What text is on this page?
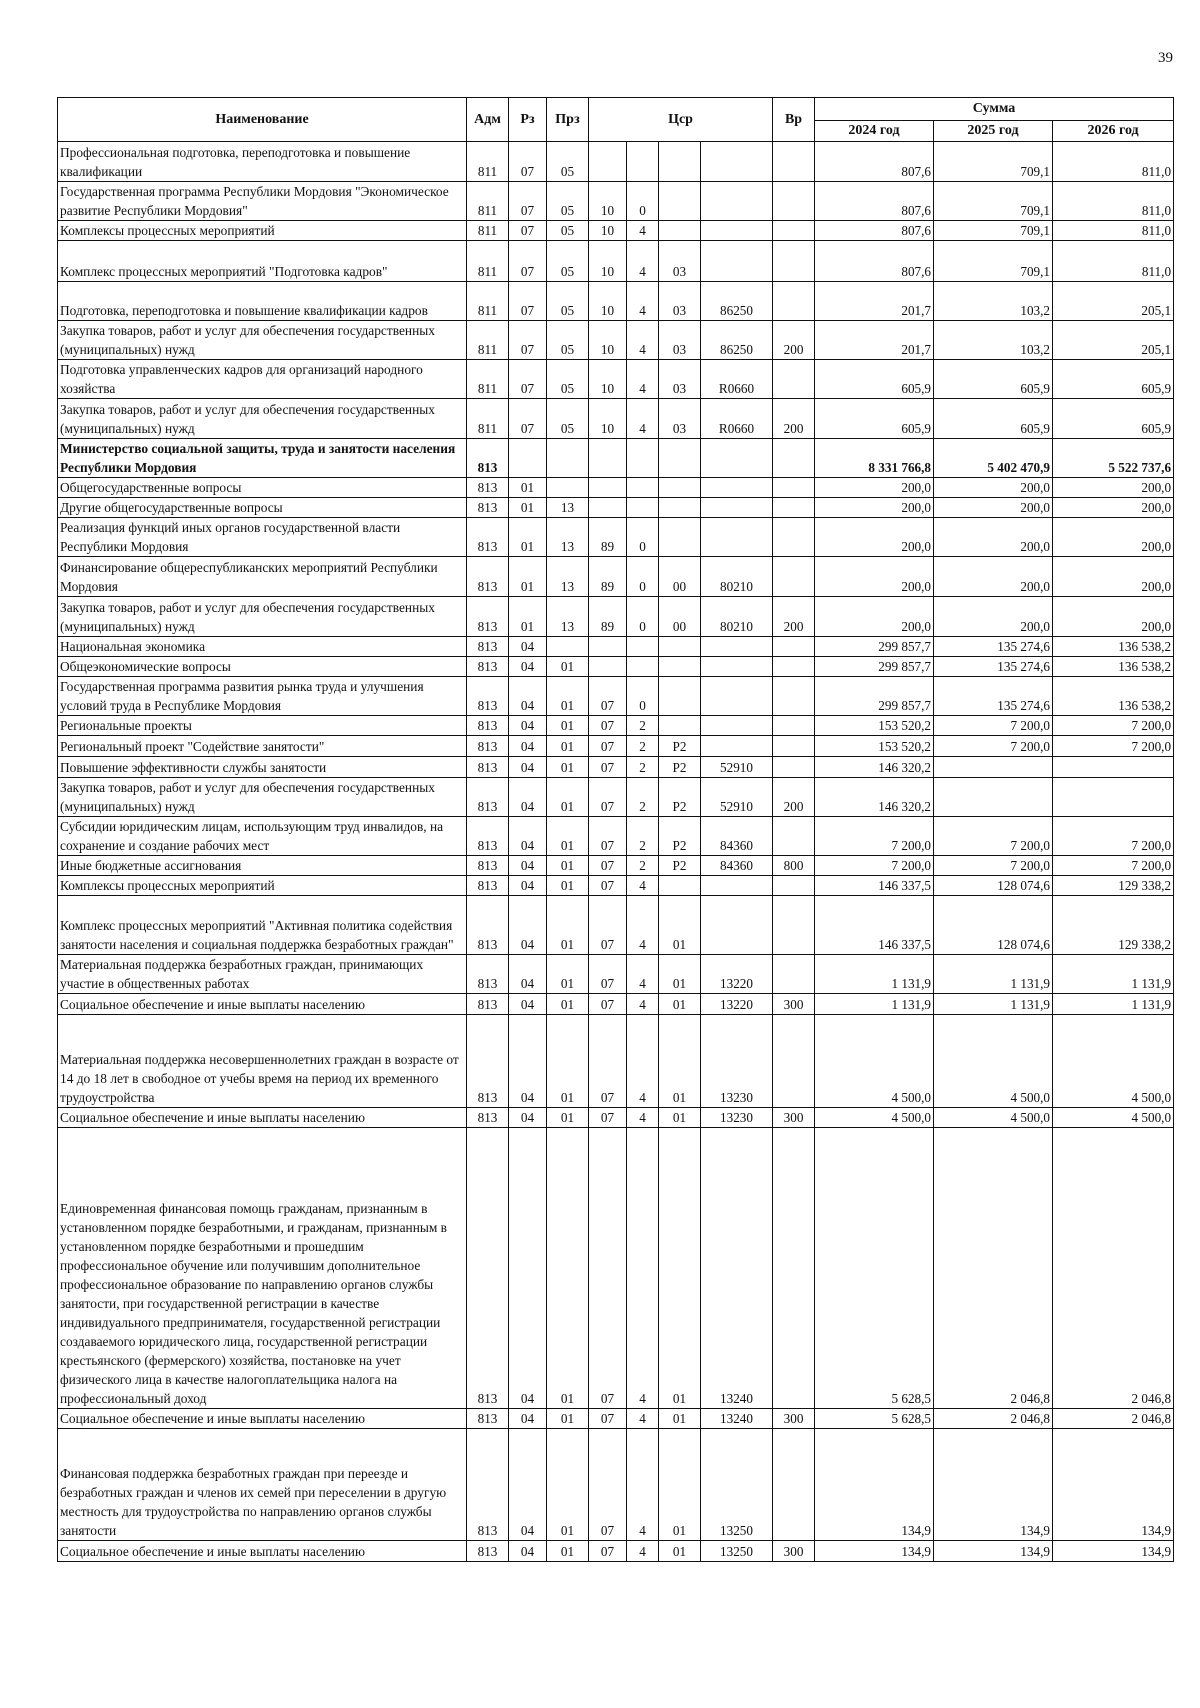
39
Наименование	Адм	Рз	Прз	Цср				Вр	Сумма		
									2024 год	2025 год	2026 год
Профессиональная подготовка, переподготовка и повышение квалификации	811	07	05						807,6	709,1	811,0
Государственная программа Республики Мордовия "Экономическое развитие Республики Мордовия"	811	07	05	10	0				807,6	709,1	811,0
Комплексы процессных мероприятий	811	07	05	10	4				807,6	709,1	811,0
Комплекс процессных мероприятий "Подготовка кадров"	811	07	05	10	4	03			807,6	709,1	811,0
Подготовка, переподготовка и повышение квалификации кадров	811	07	05	10	4	03	86250		201,7	103,2	205,1
Закупка товаров, работ и услуг для обеспечения государственных (муниципальных) нужд	811	07	05	10	4	03	86250	200	201,7	103,2	205,1
Подготовка управленческих кадров для организаций народного хозяйства	811	07	05	10	4	03	R0660		605,9	605,9	605,9
Закупка товаров, работ и услуг для обеспечения государственных (муниципальных) нужд	811	07	05	10	4	03	R0660	200	605,9	605,9	605,9
Министерство социальной защиты, труда и занятости населения Республики Мордовия	813								8 331 766,8	5 402 470,9	5 522 737,6
Общегосударственные вопросы	813	01							200,0	200,0	200,0
Другие общегосударственные вопросы	813	01	13						200,0	200,0	200,0
Реализация функций иных органов государственной власти Республики Мордовия	813	01	13	89	0				200,0	200,0	200,0
Финансирование общереспубликанских мероприятий Республики Мордовия	813	01	13	89	0	00	80210		200,0	200,0	200,0
Закупка товаров, работ и услуг для обеспечения государственных (муниципальных) нужд	813	01	13	89	0	00	80210	200	200,0	200,0	200,0
Национальная экономика	813	04							299 857,7	135 274,6	136 538,2
Общеэкономические вопросы	813	04	01						299 857,7	135 274,6	136 538,2
Государственная программа развития рынка труда и улучшения условий труда в Республике Мордовия	813	04	01	07	0				299 857,7	135 274,6	136 538,2
Региональные проекты	813	04	01	07	2				153 520,2	7 200,0	7 200,0
Региональный проект "Содействие занятости"	813	04	01	07	2	P2			153 520,2	7 200,0	7 200,0
Повышение эффективности службы занятости	813	04	01	07	2	P2	52910		146 320,2		
Закупка товаров, работ и услуг для обеспечения государственных (муниципальных) нужд	813	04	01	07	2	P2	52910	200	146 320,2		
Субсидии юридическим лицам, использующим труд инвалидов, на сохранение и создание рабочих мест	813	04	01	07	2	P2	84360		7 200,0	7 200,0	7 200,0
Иные бюджетные ассигнования	813	04	01	07	2	P2	84360	800	7 200,0	7 200,0	7 200,0
Комплексы процессных мероприятий	813	04	01	07	4				146 337,5	128 074,6	129 338,2
Комплекс процессных мероприятий "Активная политика содействия занятости населения и социальная поддержка безработных граждан"	813	04	01	07	4	01			146 337,5	128 074,6	129 338,2
Материальная поддержка безработных граждан, принимающих участие в общественных работах	813	04	01	07	4	01	13220		1 131,9	1 131,9	1 131,9
Социальное обеспечение и иные выплаты населению	813	04	01	07	4	01	13220	300	1 131,9	1 131,9	1 131,9
Материальная поддержка несовершеннолетних граждан в возрасте от 14 до 18 лет в свободное от учебы время на период их временного трудоустройства	813	04	01	07	4	01	13230		4 500,0	4 500,0	4 500,0
Социальное обеспечение и иные выплаты населению	813	04	01	07	4	01	13230	300	4 500,0	4 500,0	4 500,0
Единовременная финансовая помощь гражданам, признанным в установленном порядке безработными, и гражданам, признанным в установленном порядке безработными и прошедшим профессиональное обучение или получившим дополнительное профессиональное образование по направлению органов службы занятости, при государственной регистрации в качестве индивидуального предпринимателя, государственной регистрации создаваемого юридического лица, государственной регистрации крестьянского (фермерского) хозяйства, постановке на учет физического лица в качестве налогоплательщика налога на профессиональный доход	813	04	01	07	4	01	13240		5 628,5	2 046,8	2 046,8
Социальное обеспечение и иные выплаты населению	813	04	01	07	4	01	13240	300	5 628,5	2 046,8	2 046,8
Финансовая поддержка безработных граждан при переезде и безработных граждан и членов их семей при переселении в другую местность для трудоустройства по направлению органов службы занятости	813	04	01	07	4	01	13250		134,9	134,9	134,9
Социальное обеспечение и иные выплаты населению	813	04	01	07	4	01	13250	300	134,9	134,9	134,9
